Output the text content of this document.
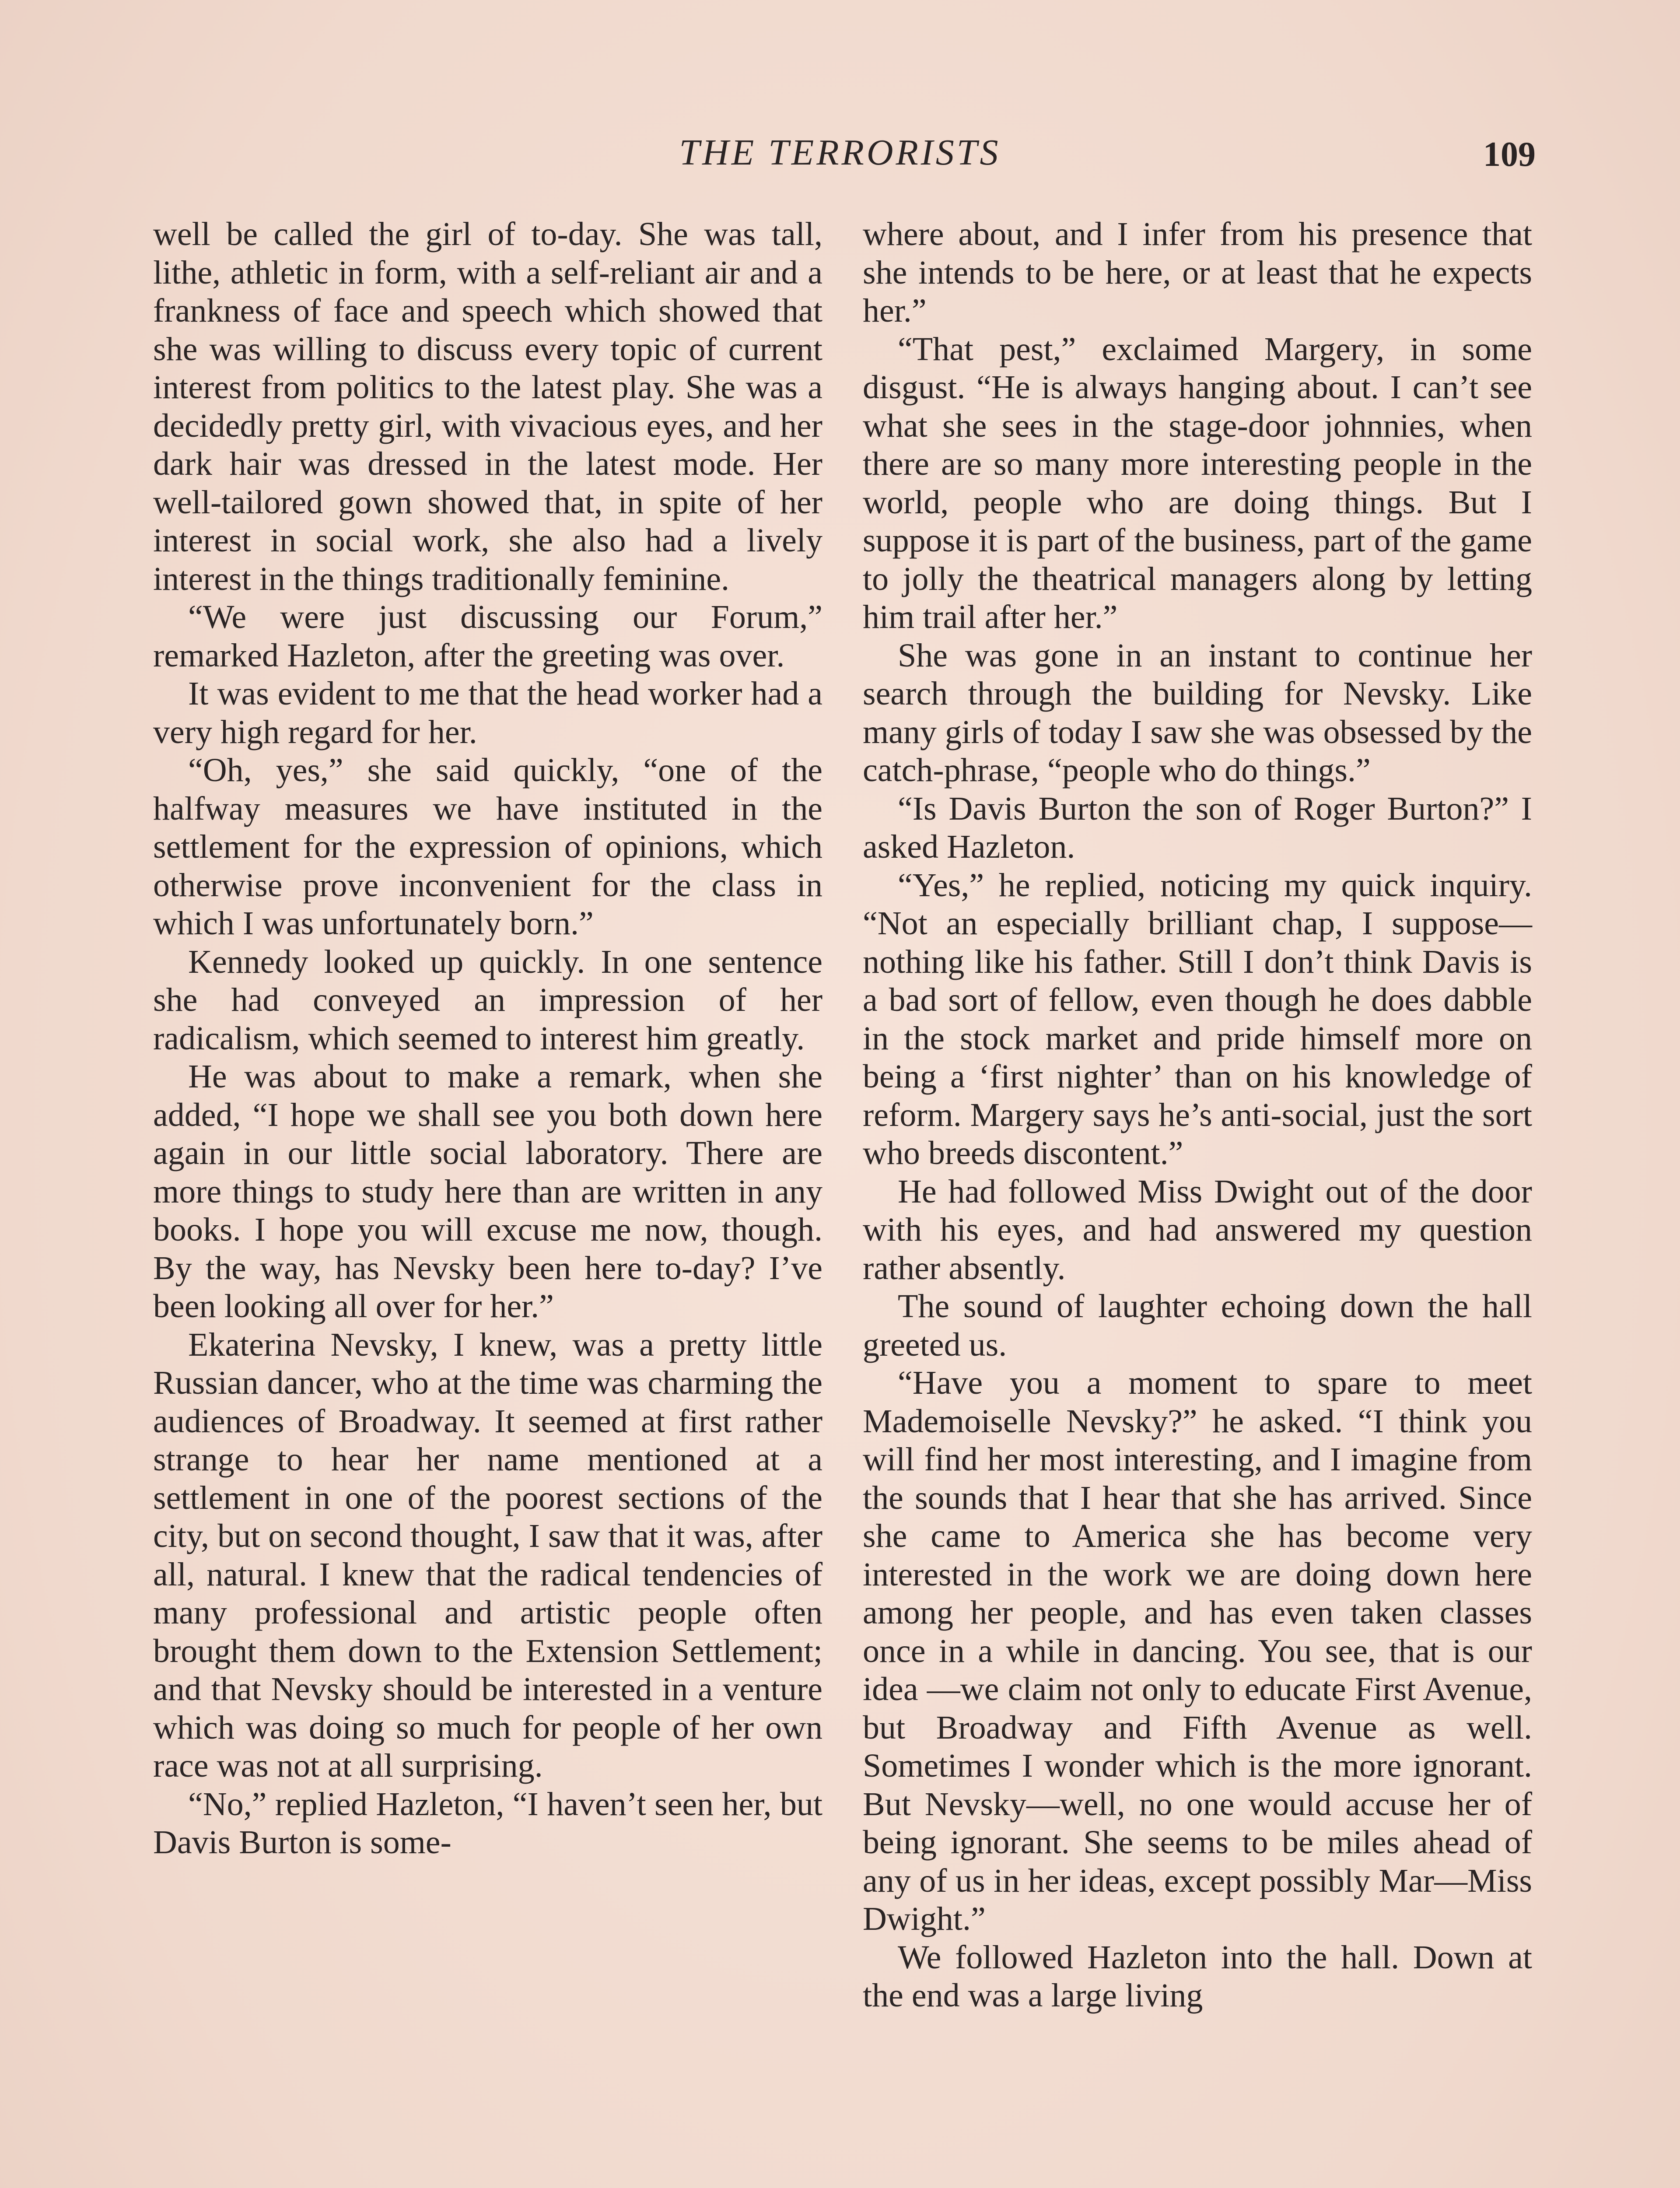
THE TERRORISTS	109

well be called the girl of to-day. She was tall, lithe, athletic in form, with a self-reliant air and a frankness of face and speech which showed that she was willing to discuss every topic of current interest from politics to the latest play. She was a decidedly pretty girl, with vivacious eyes, and her dark hair was dressed in the latest mode. Her well-tailored gown showed that, in spite of her interest in social work, she also had a lively interest in the things traditionally feminine.

“We were just discussing our Forum,” remarked Hazleton, after the greeting was over.

It was evident to me that the head worker had a very high regard for her.

“Oh, yes,” she said quickly, “one of the halfway measures we have instituted in the settlement for the expression of opinions, which otherwise prove inconvenient for the class in which I was unfortunately born.”

Kennedy looked up quickly. In one sentence she had conveyed an impression of her radicalism, which seemed to interest him greatly.

He was about to make a remark, when she added, “I hope we shall see you both down here again in our little social laboratory. There are more things to study here than are written in any books. I hope you will excuse me now, though. By the way, has Nevsky been here to-day? I’ve been looking all over for her.”

Ekaterina Nevsky, I knew, was a pretty little Russian dancer, who at the time was charming the audiences of Broadway. It seemed at first rather strange to hear her name mentioned at a settlement in one of the poorest sections of the city, but on second thought, I saw that it was, after all, natural. I knew that the radical tendencies of many professional and artistic people often brought them down to the Extension Settlement; and that Nevsky should be interested in a venture which was doing so much for people of her own race was not at all surprising.

“No,” replied Hazleton, “I haven’t seen her, but Davis Burton is some-

where about, and I infer from his presence that she intends to be here, or at least that he expects her.”

“That pest,” exclaimed Margery, in some disgust. “He is always hanging about. I can’t see what she sees in the stage-door johnnies, when there are so many more interesting people in the world, people who are doing things. But I suppose it is part of the business, part of the game to jolly the theatrical managers along by letting him trail after her.”

She was gone in an instant to continue her search through the building for Nevsky. Like many girls of today I saw she was obsessed by the catch-phrase, “people who do things.”

“Is Davis Burton the son of Roger Burton?” I asked Hazleton.

“Yes,” he replied, noticing my quick inquiry. “Not an especially brilliant chap, I suppose—nothing like his father. Still I don’t think Davis is a bad sort of fellow, even though he does dabble in the stock market and pride himself more on being a ‘first nighter’ than on his knowledge of reform. Margery says he’s anti-social, just the sort who breeds discontent.”

He had followed Miss Dwight out of the door with his eyes, and had answered my question rather absently.

The sound of laughter echoing down the hall greeted us.

“Have you a moment to spare to meet Mademoiselle Nevsky?” he asked. “I think you will find her most interesting, and I imagine from the sounds that I hear that she has arrived. Since she came to America she has become very interested in the work we are doing down here among her people, and has even taken classes once in a while in dancing. You see, that is our idea —we claim not only to educate First Avenue, but Broadway and Fifth Avenue as well. Sometimes I wonder which is the more ignorant. But Nevsky—well, no one would accuse her of being ignorant. She seems to be miles ahead of any of us in her ideas, except possibly Mar—Miss Dwight.”

We followed Hazleton into the hall. Down at the end was a large living
